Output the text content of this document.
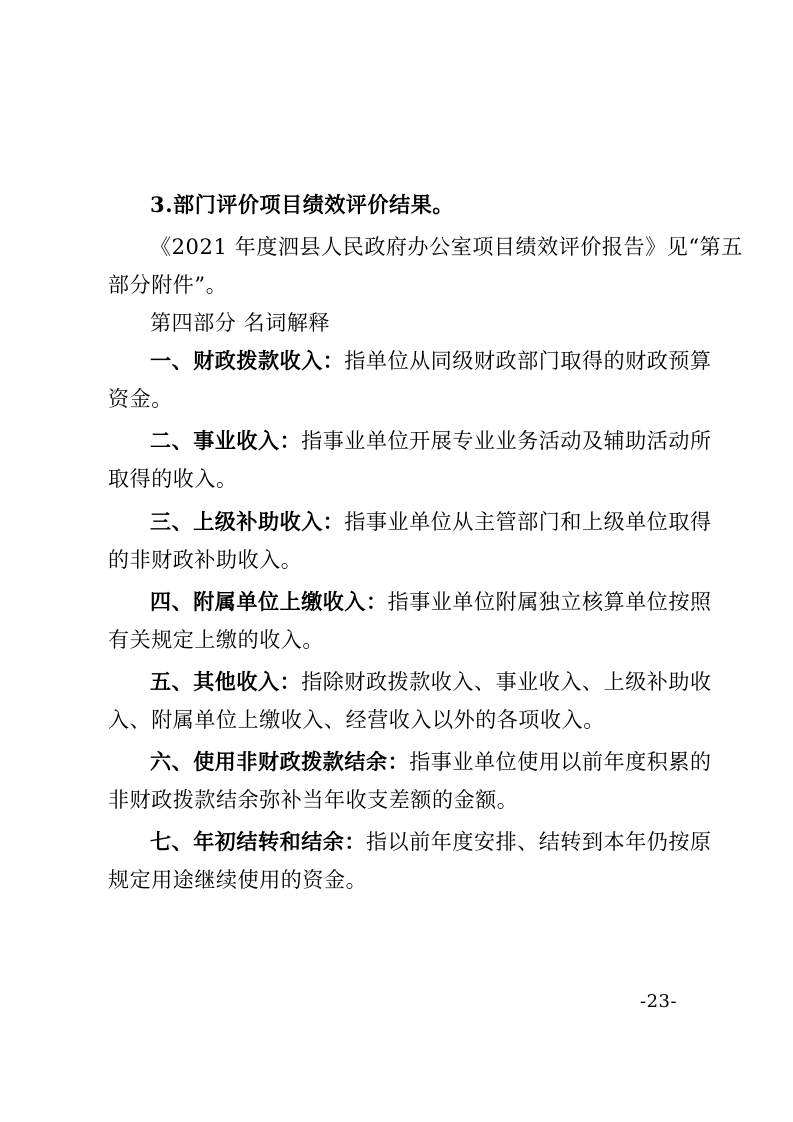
3.部门评价项目绩效评价结果。
《2021 年度泗县人民政府办公室项目绩效评价报告》见“第五
部分附件”。
第四部分 名词解释
一、财政拨款收入：指单位从同级财政部门取得的财政预算
资金。
二、事业收入：指事业单位开展专业业务活动及辅助活动所
取得的收入。
三、上级补助收入：指事业单位从主管部门和上级单位取得
的非财政补助收入。
四、附属单位上缴收入：指事业单位附属独立核算单位按照
有关规定上缴的收入。
五、其他收入：指除财政拨款收入、事业收入、上级补助收
入、附属单位上缴收入、经营收入以外的各项收入。
六、使用非财政拨款结余：指事业单位使用以前年度积累的
非财政拨款结余弥补当年收支差额的金额。
七、年初结转和结余：指以前年度安排、结转到本年仍按原
规定用途继续使用的资金。
-23-
